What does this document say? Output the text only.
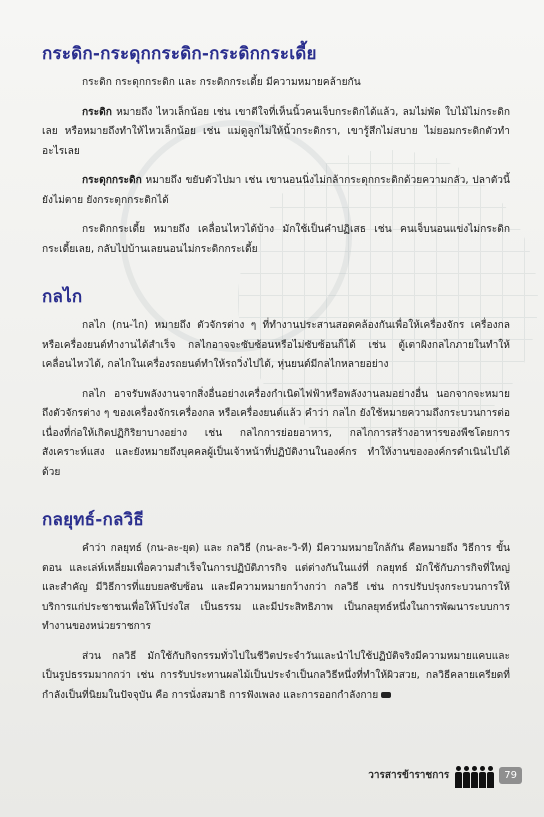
กระดิก-กระดุกกระดิก-กระดิกกระเดี้ย

กระดิก กระดุกกระดิก และ กระดิกกระเดี้ย มีความหมายคล้ายกัน

กระดิก หมายถึง ไหวเล็กน้อย เช่น เขาตีใจที่เห็นนิ้วคนเจ็บกระดิกได้แล้ว, ลมไม่พัด ใบไม้ไม่กระดิกเลย หรือหมายถึงทำให้ไหวเล็กน้อย เช่น แม่ดูลูกไม่ให้นิ้วกระดิกรา, เขารู้สึกไม่สบาย ไม่ยอมกระดิกตัวทำอะไรเลย

กระดุกกระดิก หมายถึง ขยับตัวไปมา เช่น เขานอนนิ่งไม่กล้ากระดุกกระดิกด้วยความกลัว, ปลาตัวนี้ยังไม่ตาย ยังกระดุกกระดิกได้

กระดิกกระเดี้ย หมายถึง เคลื่อนไหวได้บ้าง มักใช้เป็นคำปฏิเสธ เช่น คนเจ็บนอนแข่งไม่กระดิกกระเดี้ยเลย, กลับไปบ้านเลยนอนไม่กระดิกกระเดี้ย

กลไก

กลไก (กน-ไก) หมายถึง ตัวจักรต่าง ๆ ที่ทำงานประสานสอดคล้องกันเพื่อให้เครื่องจักร เครื่องกล หรือเครื่องยนต์ทำงานได้สำเร็จ กลไกอาจจะซับซ้อนหรือไม่ซับซ้อนก็ได้ เช่น ตู้เตาผิงกลไกภายในทำให้เคลื่อนไหวได้, กลไกในเครื่องรถยนต์ทำให้รถวิ่งไปได้, หุ่นยนต์มีกลไกหลายอย่าง

กลไก อาจรับพลังงานจากสิ่งอื่นอย่างเครื่องกำเนิดไฟฟ้าหรือพลังงานลมอย่างอื่น นอกจากจะหมายถึงตัวจักรต่าง ๆ ของเครื่องจักรเครื่องกล หรือเครื่องยนต์แล้ว คำว่า กลไก ยังใช้หมายความถึงกระบวนการต่อเนื่องที่ก่อให้เกิดปฏิกิริยาบางอย่าง เช่น กลไกการย่อยอาหาร, กลไกการสร้างอาหารของพืชโดยการสังเคราะห์แสง และยังหมายถึงบุคคลผู้เป็นเจ้าหน้าที่ปฏิบัติงานในองค์กร ทำให้งานขององค์กรดำเนินไปได้ด้วย

กลยุทธ์-กลวิธี

คำว่า กลยุทธ์ (กน-ละ-ยุด) และ กลวิธี (กน-ละ-วิ-ที) มีความหมายใกล้กัน คือหมายถึง วิธีการ ขั้นตอน และเล่ห์เหลี่ยมเพื่อความสำเร็จในการปฏิบัติภารกิจ แต่ต่างกันในแง่ที่ กลยุทธ์ มักใช้กับภารกิจที่ใหญ่และสำคัญ มีวิธีการที่แยบยลซับซ้อน และมีความหมายกว้างกว่า กลวิธี เช่น การปรับปรุงกระบวนการให้บริการแก่ประชาชนเพื่อให้โปร่งใส เป็นธรรม และมีประสิทธิภาพ เป็นกลยุทธ์หนึ่งในการพัฒนาระบบการทำงานของหน่วยราชการ

ส่วน กลวิธี มักใช้กับกิจกรรมทั่วไปในชีวิตประจำวันและนำไปใช้ปฏิบัติจริงมีความหมายแคบและเป็นรูปธรรมมากกว่า เช่น การรับประทานผลไม้เป็นประจำเป็นกลวิธีหนึ่งที่ทำให้ผิวสวย, กลวิธีคลายเครียดที่กำลังเป็นที่นิยมในปัจจุบัน คือ การนั่งสมาธิ การฟังเพลง และการออกกำลังกาย

วารสารข้าราชการ	79
